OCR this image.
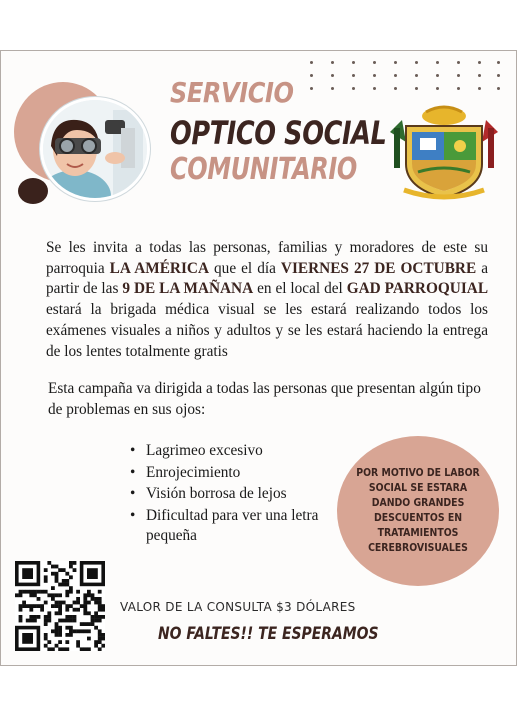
SERVICIO
OPTICO SOCIAL
COMUNITARIO
Se les invita a todas las personas, familias y moradores de este su parroquia LA AMÉRICA que el día VIERNES 27 DE OCTUBRE a partir de las 9 DE LA MAÑANA en el local del GAD PARROQUIAL estará la brigada médica visual se les estará realizando todos los exámenes visuales a niños y adultos y se les estará haciendo la entrega de los lentes totalmente gratis
Esta campaña va dirigida a todas las personas que presentan algún tipo de problemas en sus ojos:
• Lagrimeo excesivo
• Enrojecimiento
• Visión borrosa de lejos
• Dificultad para ver una letra pequeña
POR MOTIVO DE LABOR SOCIAL SE ESTARA DANDO GRANDES DESCUENTOS EN TRATAMIENTOS CEREBROVISUALES
VALOR DE LA CONSULTA $3 DÓLARES
NO FALTES!! TE ESPERAMOS
